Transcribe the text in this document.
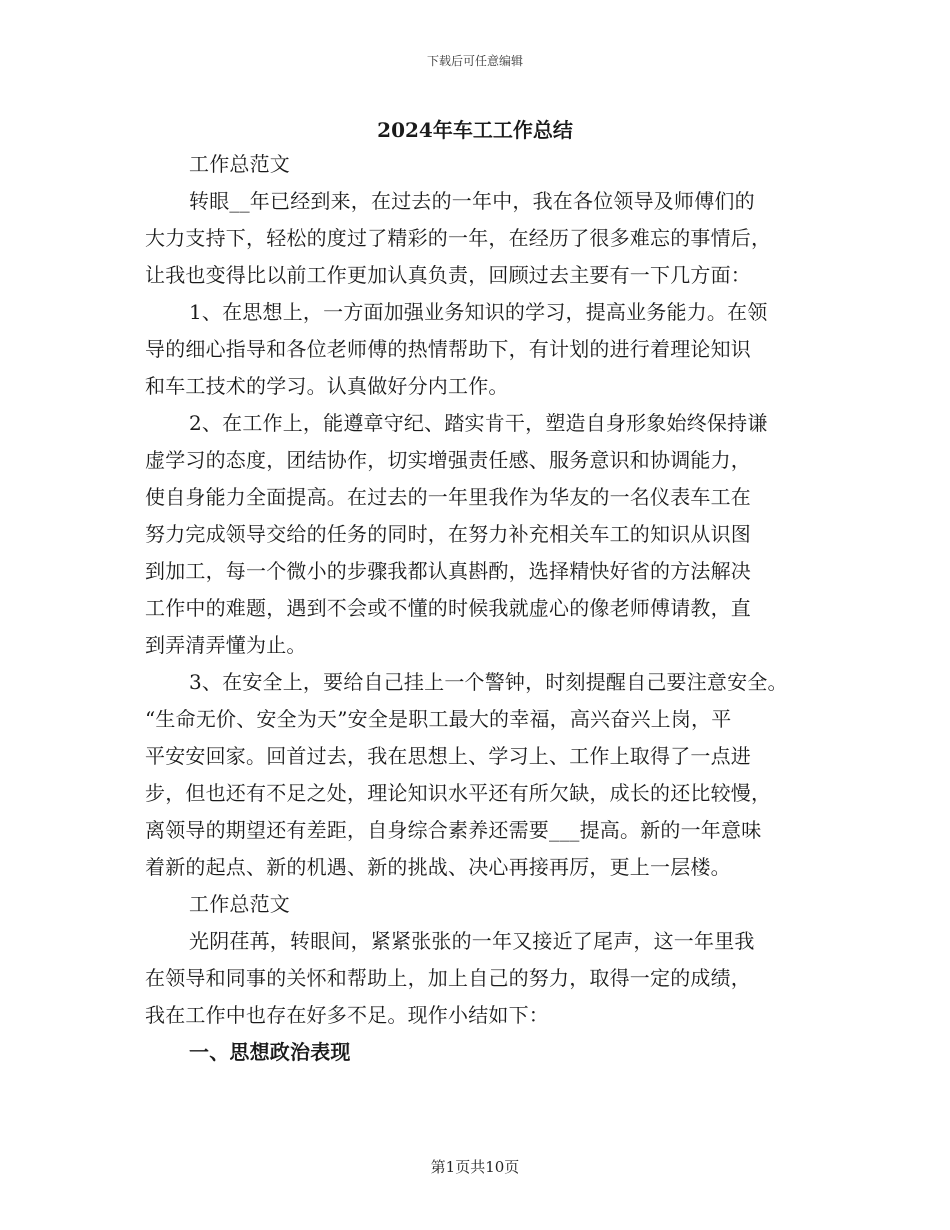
下载后可任意编辑
2024年车工工作总结
工作总范文
转眼__年已经到来，在过去的一年中，我在各位领导及师傅们的
大力支持下，轻松的度过了精彩的一年，在经历了很多难忘的事情后，
让我也变得比以前工作更加认真负责，回顾过去主要有一下几方面：
1、在思想上，一方面加强业务知识的学习，提高业务能力。在领
导的细心指导和各位老师傅的热情帮助下，有计划的进行着理论知识
和车工技术的学习。认真做好分内工作。
2、在工作上，能遵章守纪、踏实肯干，塑造自身形象始终保持谦
虚学习的态度，团结协作，切实增强责任感、服务意识和协调能力，
使自身能力全面提高。在过去的一年里我作为华友的一名仪表车工在
努力完成领导交给的任务的同时，在努力补充相关车工的知识从识图
到加工，每一个微小的步骤我都认真斟酌，选择精快好省的方法解决
工作中的难题，遇到不会或不懂的时候我就虚心的像老师傅请教，直
到弄清弄懂为止。
3、在安全上，要给自己挂上一个警钟，时刻提醒自己要注意安全。
“生命无价、安全为天”安全是职工最大的幸福，高兴奋兴上岗，平
平安安回家。回首过去，我在思想上、学习上、工作上取得了一点进
步，但也还有不足之处，理论知识水平还有所欠缺，成长的还比较慢，
离领导的期望还有差距，自身综合素养还需要___提高。新的一年意味
着新的起点、新的机遇、新的挑战、决心再接再厉，更上一层楼。
工作总范文
光阴荏苒，转眼间，紧紧张张的一年又接近了尾声，这一年里我
在领导和同事的关怀和帮助上，加上自己的努力，取得一定的成绩，
我在工作中也存在好多不足。现作小结如下：
一、思想政治表现
第1页共10页
